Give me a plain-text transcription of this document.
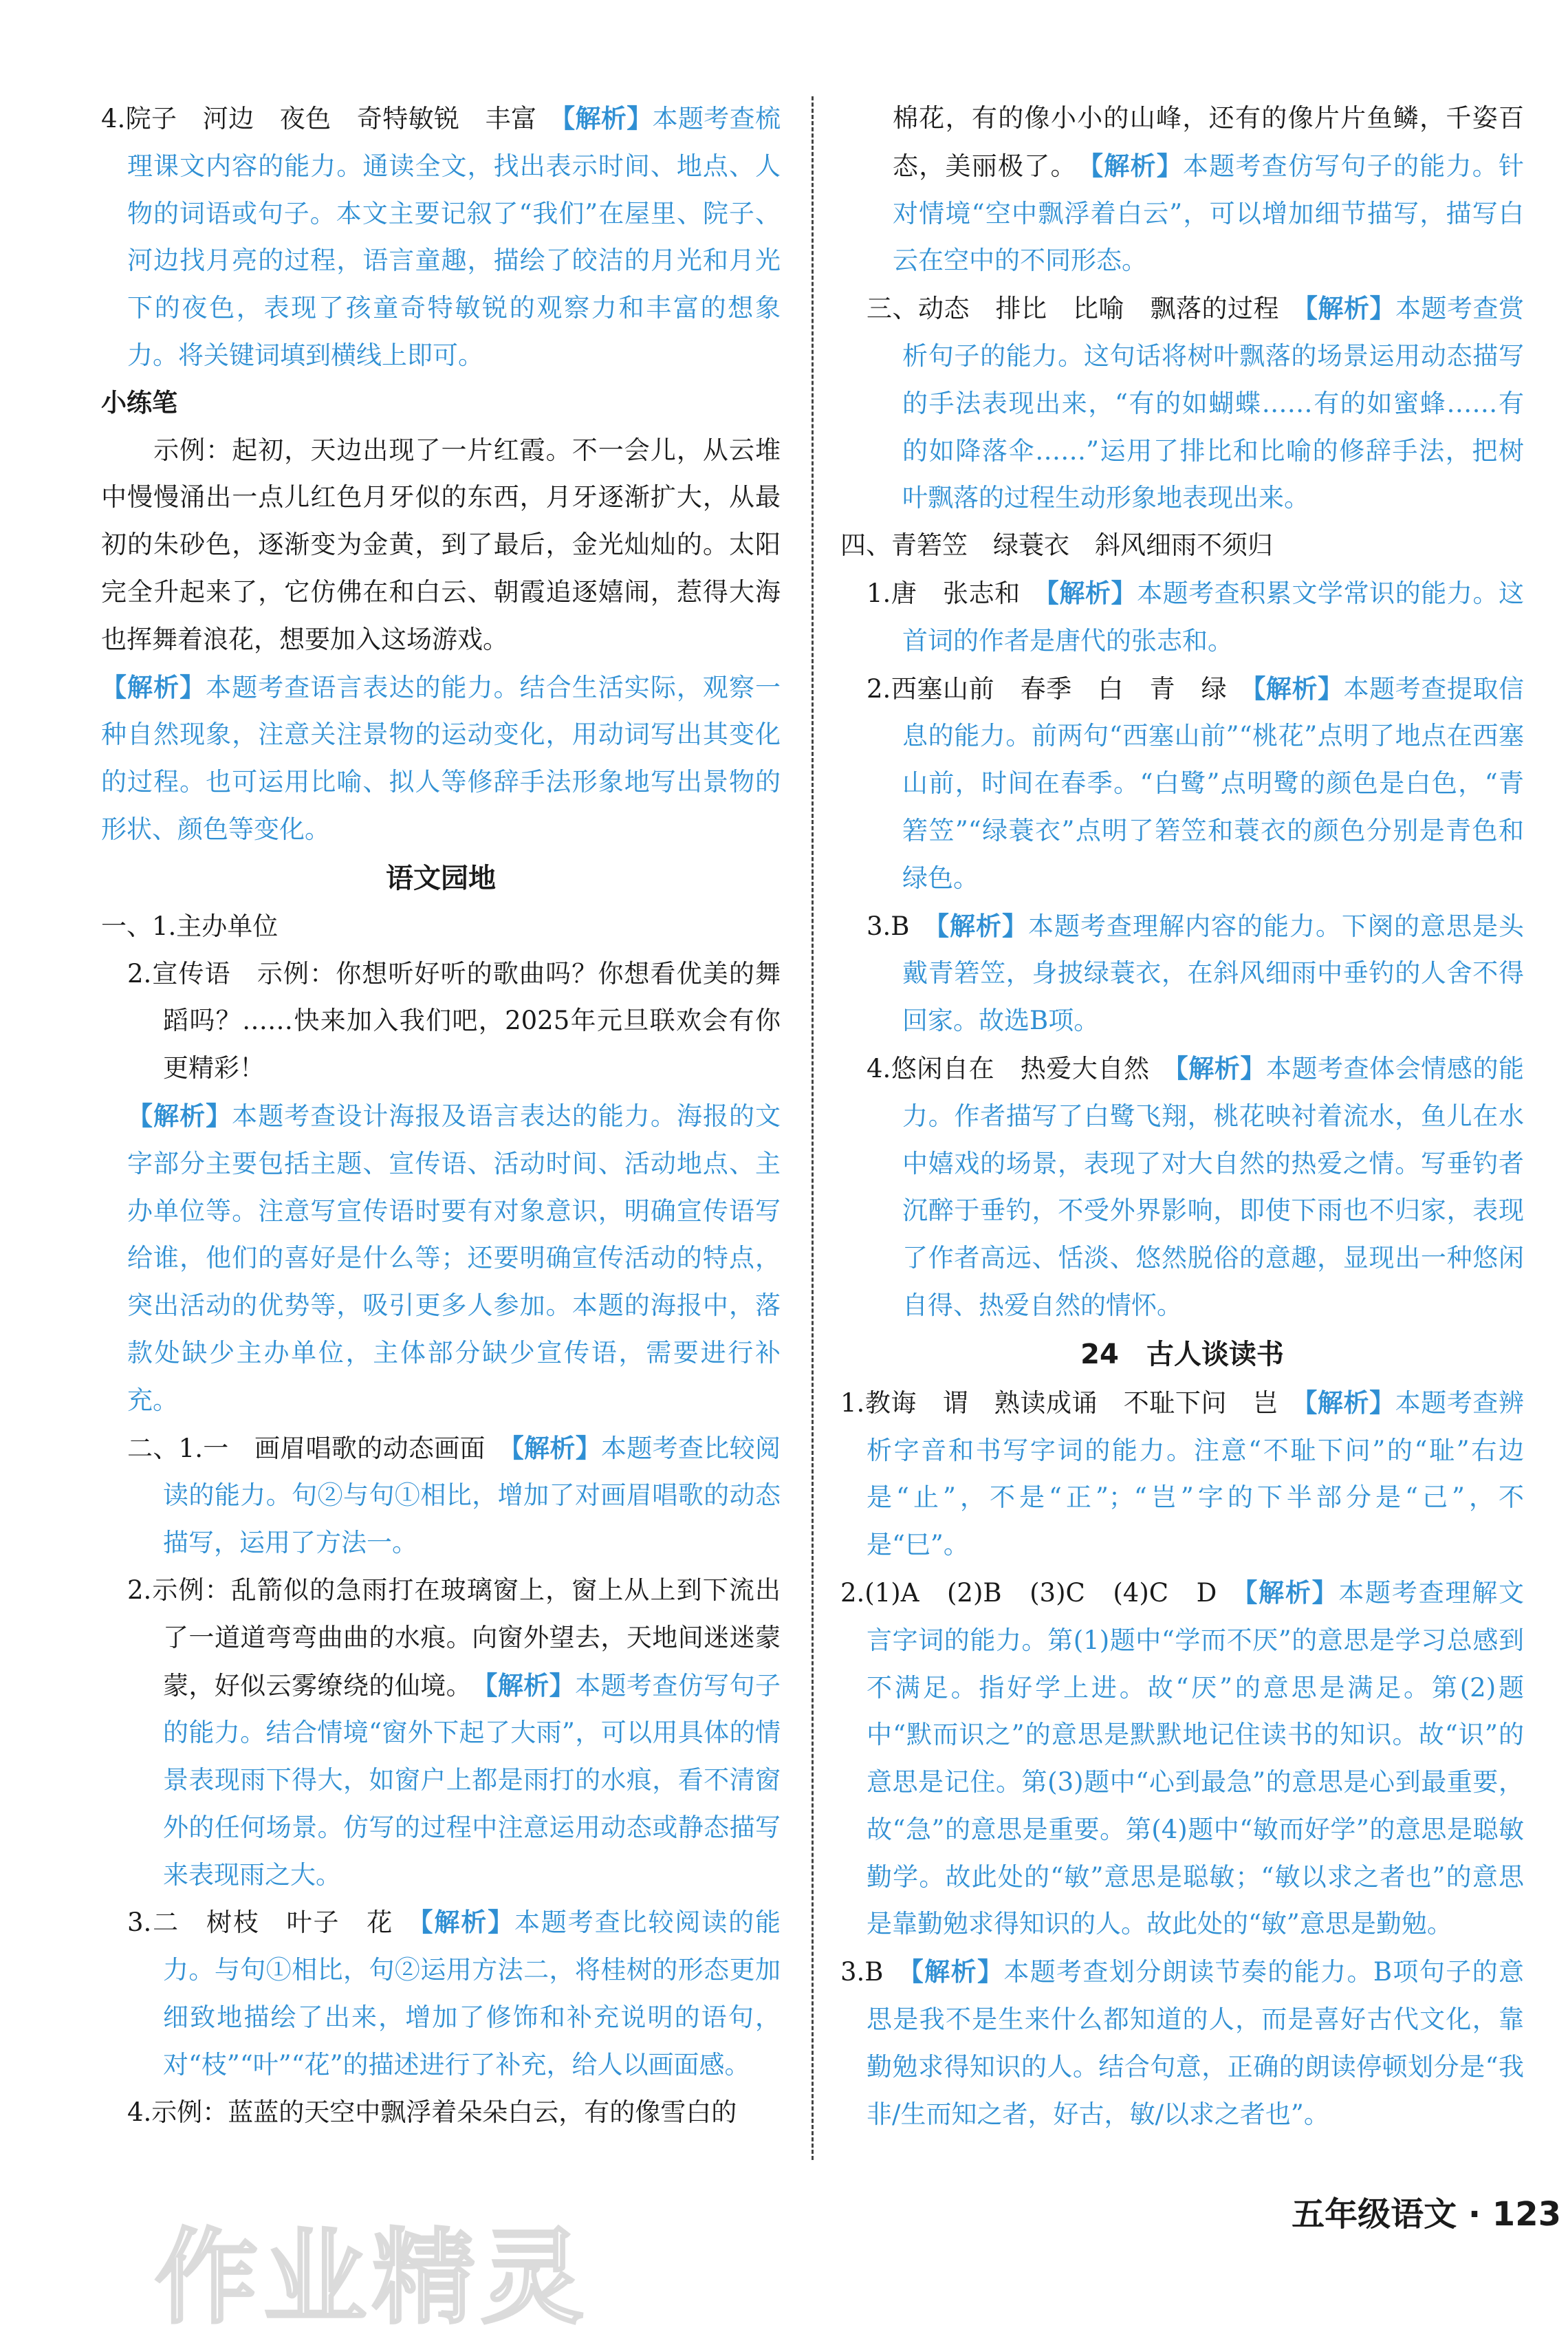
4.院子　河边　夜色　奇特敏锐　丰富　【解析】本题考查梳理课文内容的能力。通读全文，找出表示时间、地点、人物的词语或句子。本文主要记叙了“我们”在屋里、院子、河边找月亮的过程，语言童趣，描绘了皎洁的月光和月光下的夜色，表现了孩童奇特敏锐的观察力和丰富的想象力。将关键词填到横线上即可。
小练笔
　　示例：起初，天边出现了一片红霞。不一会儿，从云堆中慢慢涌出一点儿红色月牙似的东西，月牙逐渐扩大，从最初的朱砂色，逐渐变为金黄，到了最后，金光灿灿的。太阳完全升起来了，它仿佛在和白云、朝霞追逐嬉闹，惹得大海也挥舞着浪花，想要加入这场游戏。
【解析】本题考查语言表达的能力。结合生活实际，观察一种自然现象，注意关注景物的运动变化，用动词写出其变化的过程。也可运用比喻、拟人等修辞手法形象地写出景物的形状、颜色等变化。
语文园地
一、1.主办单位
2.宣传语　示例：你想听好听的歌曲吗？你想看优美的舞蹈吗？……快来加入我们吧，2025年元旦联欢会有你更精彩！
【解析】本题考查设计海报及语言表达的能力。海报的文字部分主要包括主题、宣传语、活动时间、活动地点、主办单位等。注意写宣传语时要有对象意识，明确宣传语写给谁，他们的喜好是什么等；还要明确宣传活动的特点，突出活动的优势等，吸引更多人参加。本题的海报中，落款处缺少主办单位，主体部分缺少宣传语，需要进行补充。
二、1.一　画眉唱歌的动态画面　【解析】本题考查比较阅读的能力。句②与句①相比，增加了对画眉唱歌的动态描写，运用了方法一。
2.示例：乱箭似的急雨打在玻璃窗上，窗上从上到下流出了一道道弯弯曲曲的水痕。向窗外望去，天地间迷迷蒙蒙，好似云雾缭绕的仙境。　【解析】本题考查仿写句子的能力。结合情境“窗外下起了大雨”，可以用具体的情景表现雨下得大，如窗户上都是雨打的水痕，看不清窗外的任何场景。仿写的过程中注意运用动态或静态描写来表现雨之大。
3.二　树枝　叶子　花　【解析】本题考查比较阅读的能力。与句①相比，句②运用方法二，将桂树的形态更加细致地描绘了出来，增加了修饰和补充说明的语句，对“枝”“叶”“花”的描述进行了补充，给人以画面感。
4.示例：蓝蓝的天空中飘浮着朵朵白云，有的像雪白的
棉花，有的像小小的山峰，还有的像片片鱼鳞，千姿百态，美丽极了。　【解析】本题考查仿写句子的能力。针对情境“空中飘浮着白云”，可以增加细节描写，描写白云在空中的不同形态。
三、动态　排比　比喻　飘落的过程　【解析】本题考查赏析句子的能力。这句话将树叶飘落的场景运用动态描写的手法表现出来，“有的如蝴蝶……有的如蜜蜂……有的如降落伞……”运用了排比和比喻的修辞手法，把树叶飘落的过程生动形象地表现出来。
四、青箬笠　绿蓑衣　斜风细雨不须归
1.唐　张志和　【解析】本题考查积累文学常识的能力。这首词的作者是唐代的张志和。
2.西塞山前　春季　白　青　绿　【解析】本题考查提取信息的能力。前两句“西塞山前”“桃花”点明了地点在西塞山前，时间在春季。“白鹭”点明鹭的颜色是白色，“青箬笠”“绿蓑衣”点明了箬笠和蓑衣的颜色分别是青色和绿色。
3.B　【解析】本题考查理解内容的能力。下阕的意思是头戴青箬笠，身披绿蓑衣，在斜风细雨中垂钓的人舍不得回家。故选B项。
4.悠闲自在　热爱大自然　【解析】本题考查体会情感的能力。作者描写了白鹭飞翔，桃花映衬着流水，鱼儿在水中嬉戏的场景，表现了对大自然的热爱之情。写垂钓者沉醉于垂钓，不受外界影响，即使下雨也不归家，表现了作者高远、恬淡、悠然脱俗的意趣，显现出一种悠闲自得、热爱自然的情怀。
24　古人谈读书
1.教诲　谓　熟读成诵　不耻下问　岂　【解析】本题考查辨析字音和书写字词的能力。注意“不耻下问”的“耻”右边是“止”，不是“正”；“岂”字的下半部分是“己”，不是“巳”。
2.(1)A　(2)B　(3)C　(4)C　D　【解析】本题考查理解文言字词的能力。第(1)题中“学而不厌”的意思是学习总感到不满足。指好学上进。故“厌”的意思是满足。第(2)题中“默而识之”的意思是默默地记住读书的知识。故“识”的意思是记住。第(3)题中“心到最急”的意思是心到最重要，故“急”的意思是重要。第(4)题中“敏而好学”的意思是聪敏勤学。故此处的“敏”意思是聪敏；“敏以求之者也”的意思是靠勤勉求得知识的人。故此处的“敏”意思是勤勉。
3.B　【解析】本题考查划分朗读节奏的能力。B项句子的意思是我不是生来什么都知道的人，而是喜好古代文化，靠勤勉求得知识的人。结合句意，正确的朗读停顿划分是“我非/生而知之者，好古，敏/以求之者也”。
作业精灵
五年级语文 · 123
